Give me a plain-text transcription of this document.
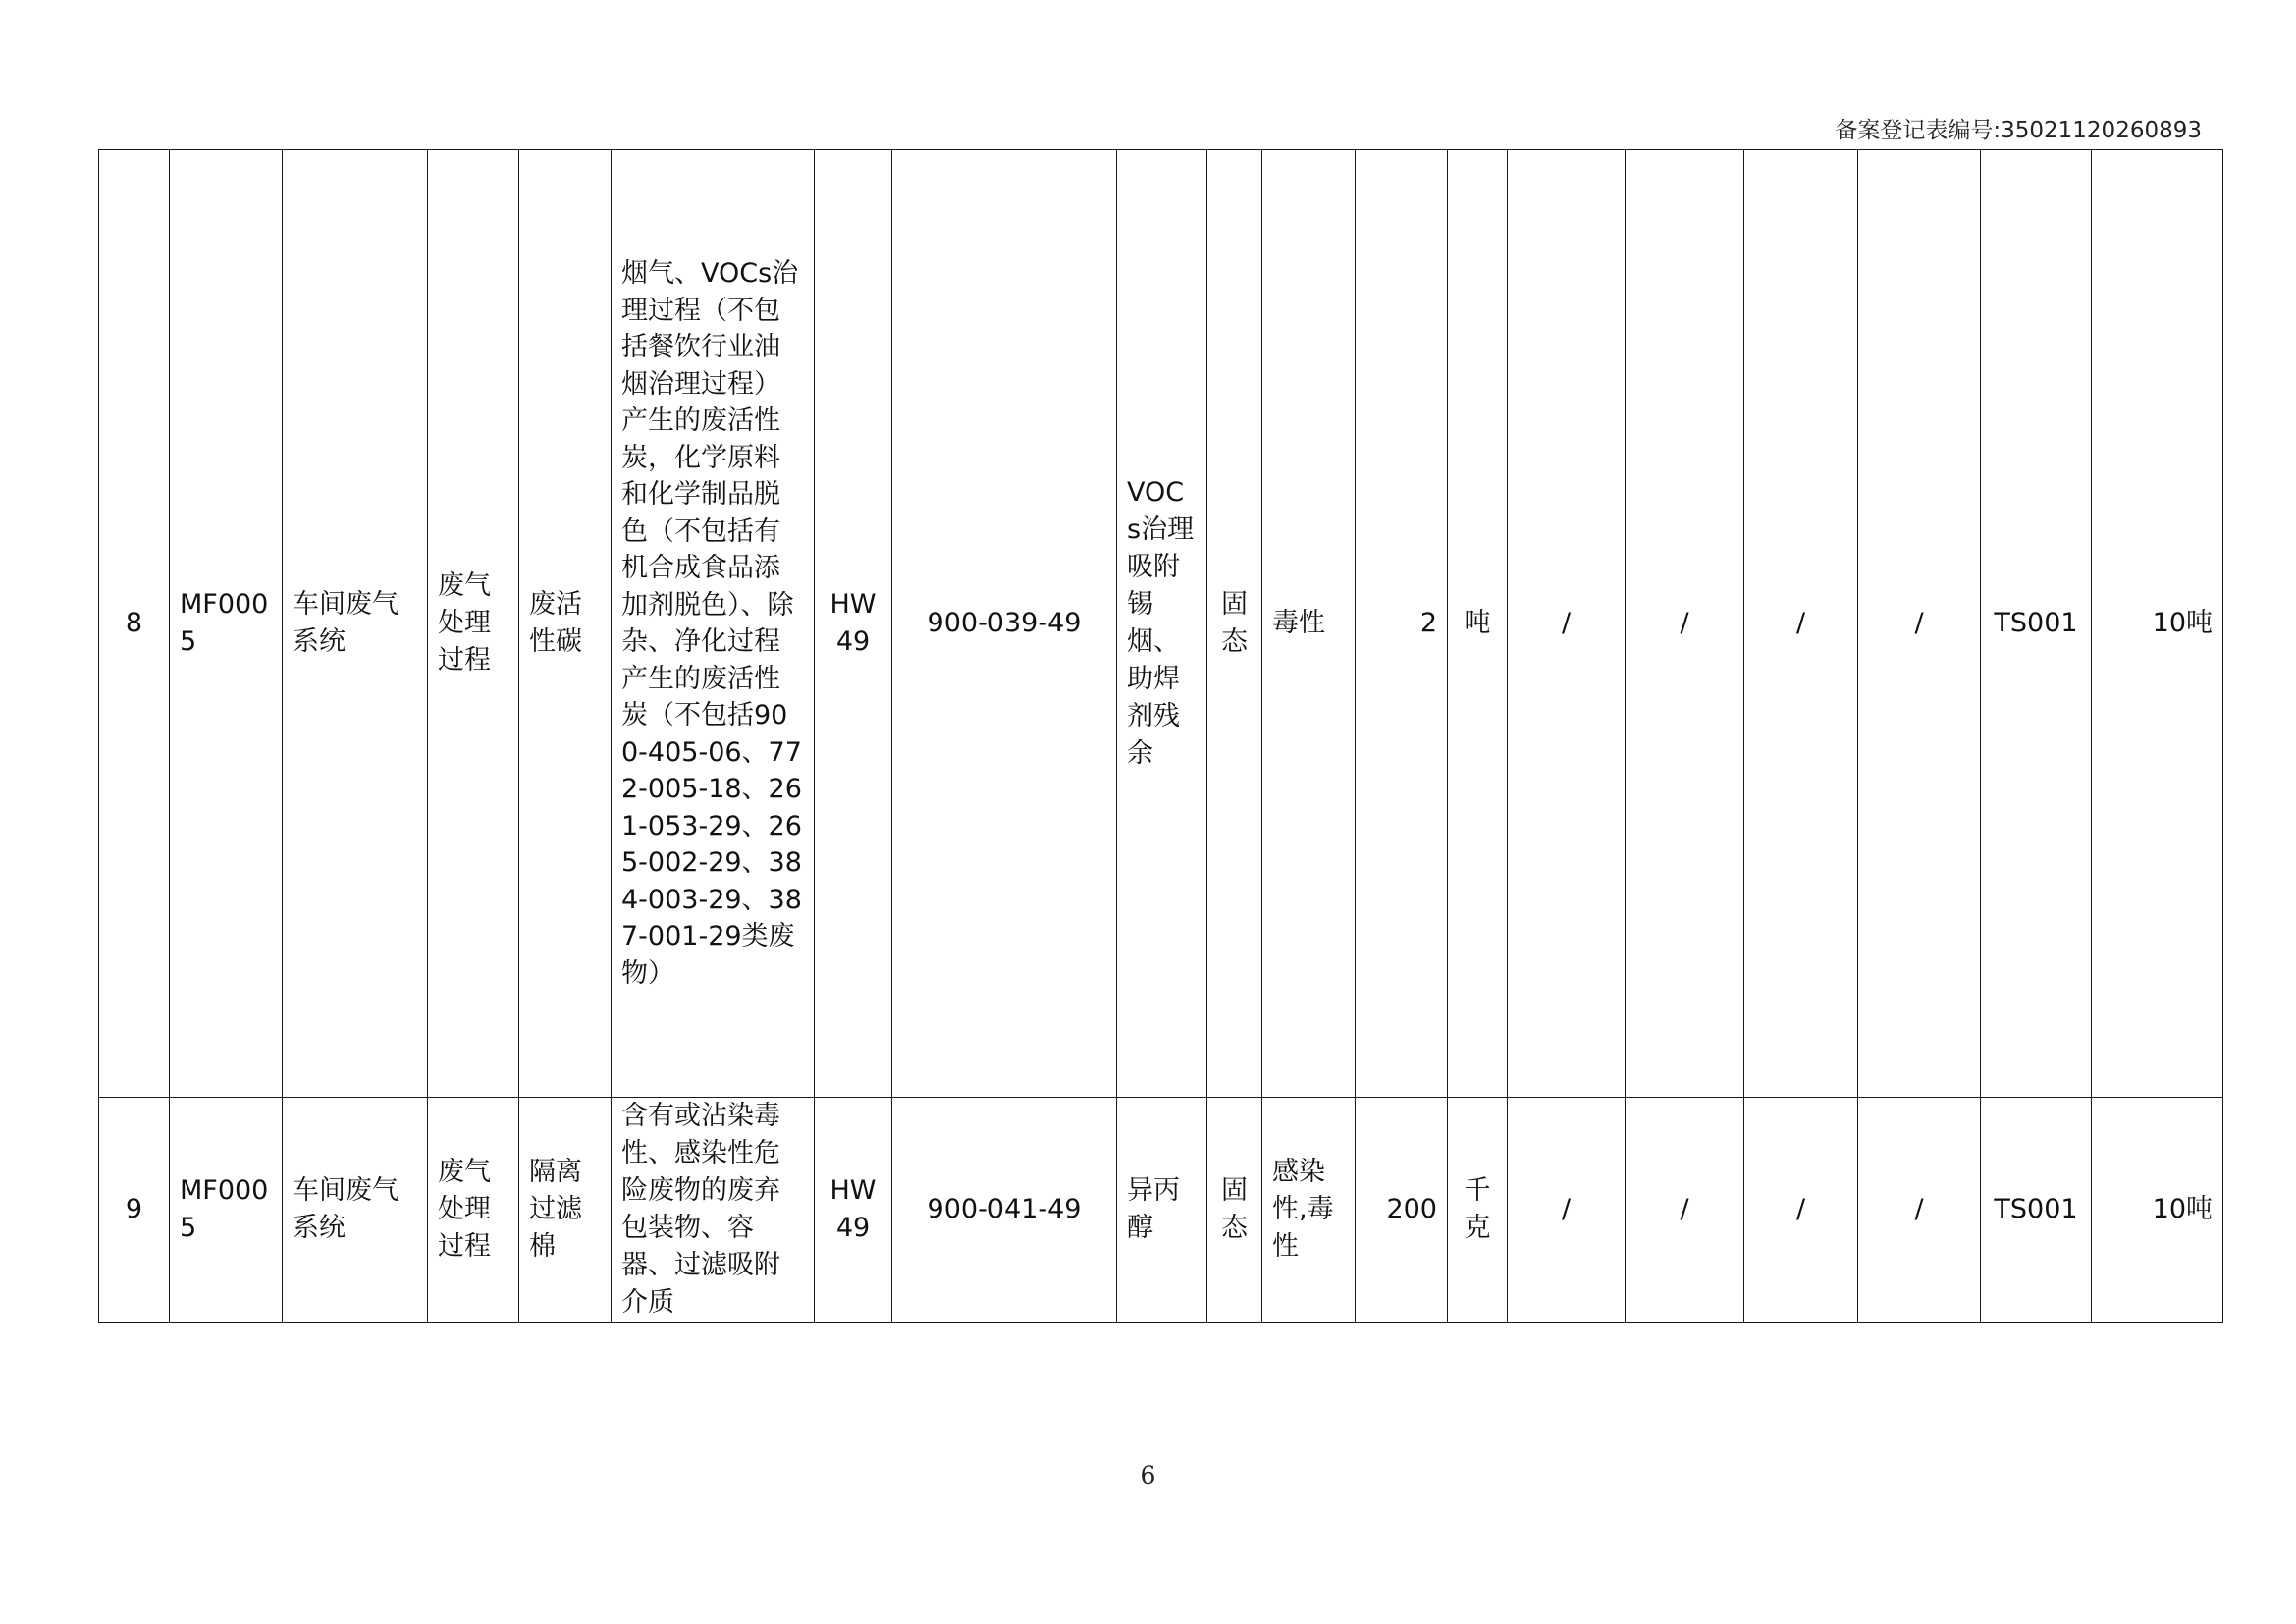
备案登记表编号:35021120260893
8	MF0005	车间废气系统	废气处理过程	废活性碳	烟气、VOCs治理过程（不包括餐饮行业油烟治理过程）产生的废活性炭，化学原料和化学制品脱色（不包括有机合成食品添加剂脱色）、除杂、净化过程产生的废活性炭（不包括900-405-06、772-005-18、261-053-29、265-002-29、384-003-29、387-001-29类废物）	HW49	900-039-49	VOCs治理吸附锡烟、助焊剂残余	固态	毒性	2	吨	/	/	/	/	TS001	10吨
9	MF0005	车间废气系统	废气处理过程	隔离过滤棉	含有或沾染毒性、感染性危险废物的废弃包装物、容器、过滤吸附介质	HW49	900-041-49	异丙醇	固态	感染性,毒性	200	千克	/	/	/	/	TS001	10吨
6
